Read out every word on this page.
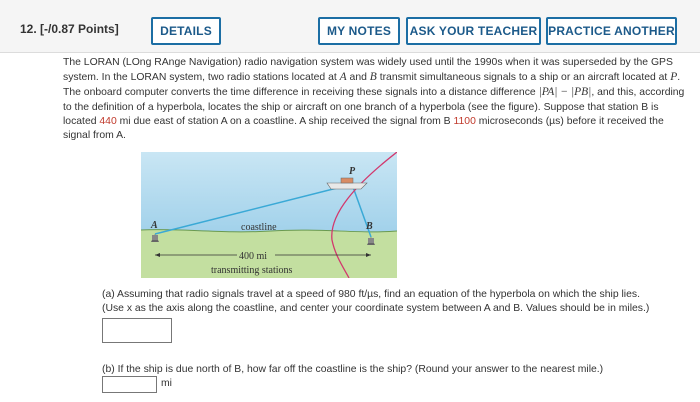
12. [-/0.87 Points]	DETAILS	MY NOTES	ASK YOUR TEACHER PRACTICE ANOTHER
The LORAN (LOng RAnge Navigation) radio navigation system was widely used until the 1990s when it was superseded by the GPS system. In the LORAN system, two radio stations located at A and B transmit simultaneous signals to a ship or an aircraft located at P. The onboard computer converts the time difference in receiving these signals into a distance difference |PA| − |PB|, and this, according to the definition of a hyperbola, locates the ship or aircraft on one branch of a hyperbola (see the figure). Suppose that station B is located 440 mi due east of station A on a coastline. A ship received the signal from B 1100 microseconds (µs) before it received the signal from A.
P
A	B
coastline
400 mi
transmitting stations
(a) Assuming that radio signals travel at a speed of 980 ft/µs, find an equation of the hyperbola on which the ship lies.
(Use x as the axis along the coastline, and center your coordinate system between A and B. Values should be in miles.)
(b) If the ship is due north of B, how far off the coastline is the ship? (Round your answer to the nearest mile.)
mi
